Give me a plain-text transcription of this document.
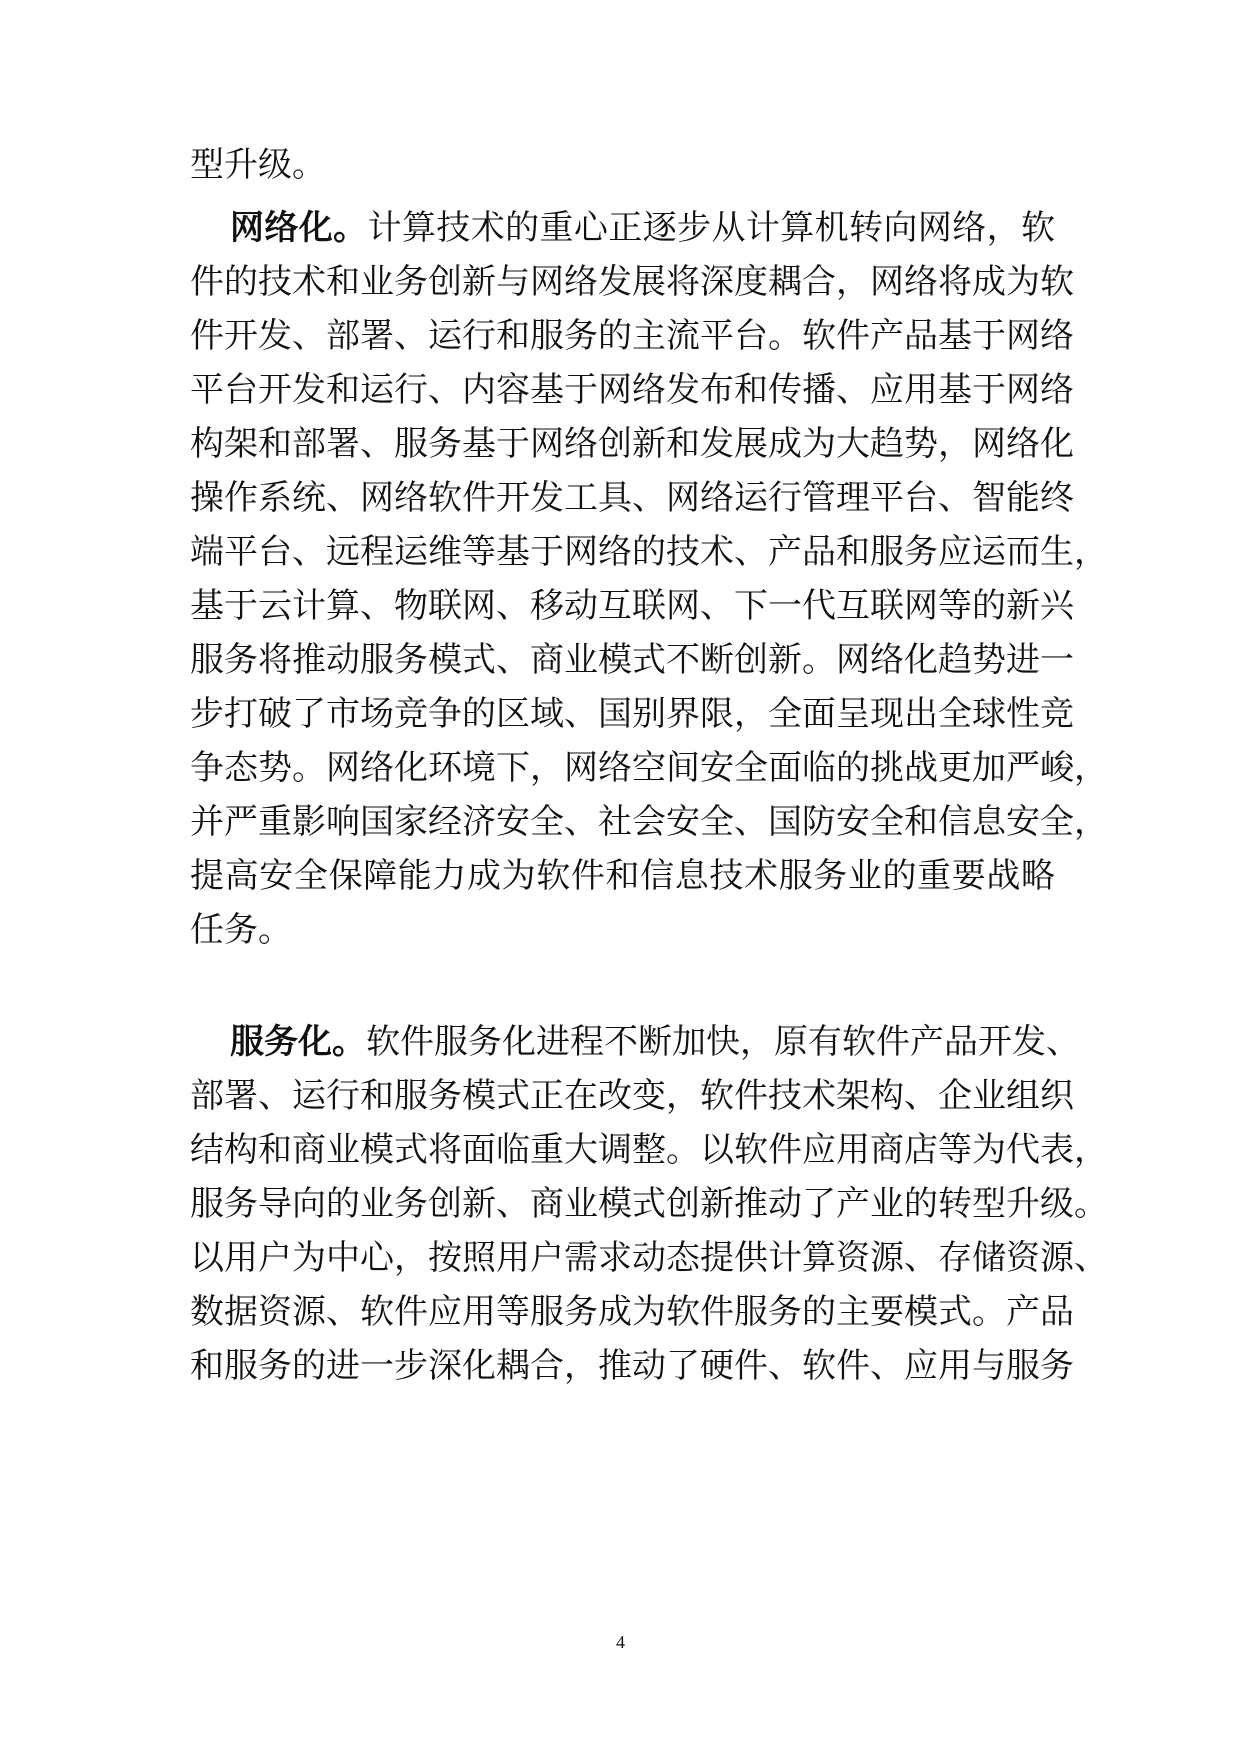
型升级。
网络化。计算技术的重心正逐步从计算机转向网络，软
件的技术和业务创新与网络发展将深度耦合，网络将成为软
件开发、部署、运行和服务的主流平台。软件产品基于网络
平台开发和运行、内容基于网络发布和传播、应用基于网络
构架和部署、服务基于网络创新和发展成为大趋势，网络化
操作系统、网络软件开发工具、网络运行管理平台、智能终
端平台、远程运维等基于网络的技术、产品和服务应运而生，
基于云计算、物联网、移动互联网、下一代互联网等的新兴
服务将推动服务模式、商业模式不断创新。网络化趋势进一
步打破了市场竞争的区域、国别界限，全面呈现出全球性竞
争态势。网络化环境下，网络空间安全面临的挑战更加严峻，
并严重影响国家经济安全、社会安全、国防安全和信息安全，
提高安全保障能力成为软件和信息技术服务业的重要战略
任务。
服务化。软件服务化进程不断加快，原有软件产品开发、
部署、运行和服务模式正在改变，软件技术架构、企业组织
结构和商业模式将面临重大调整。以软件应用商店等为代表，
服务导向的业务创新、商业模式创新推动了产业的转型升级。
以用户为中心，按照用户需求动态提供计算资源、存储资源、
数据资源、软件应用等服务成为软件服务的主要模式。产品
和服务的进一步深化耦合，推动了硬件、软件、应用与服务
4
